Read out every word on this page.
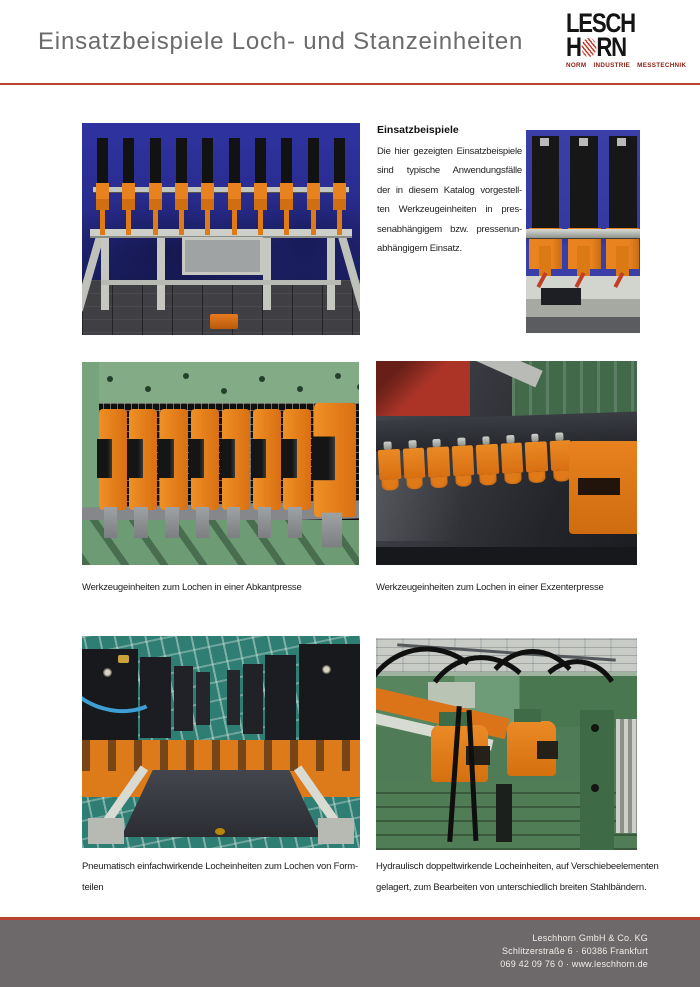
Einsatzbeispiele Loch- und Stanzeinheiten
LESCH
H RN
NORM INDUSTRIE MESSTECHNIK
Einsatzbeispiele
Die hier gezeigten Einsatzbeispiele
sind typische Anwendungsfälle
der in diesem Katalog vorgestell-
ten Werkzeugeinheiten in pres-
senabhängigem bzw. pressenun-
abhängigem Einsatz.
Werkzeugeinheiten zum Lochen in einer Abkantpresse	Werkzeugeinheiten zum Lochen in einer Exzenterpresse
Pneumatisch einfachwirkende Locheinheiten zum Lochen von Form-
teilen
Hydraulisch doppeltwirkende Locheinheiten, auf Verschiebeelementen
gelagert, zum Bearbeiten von unterschiedlich breiten Stahlbändern.
Leschhorn GmbH & Co. KG
Schlitzerstraße 6 · 60386 Frankfurt
069 42 09 76 0 · www.leschhorn.de
